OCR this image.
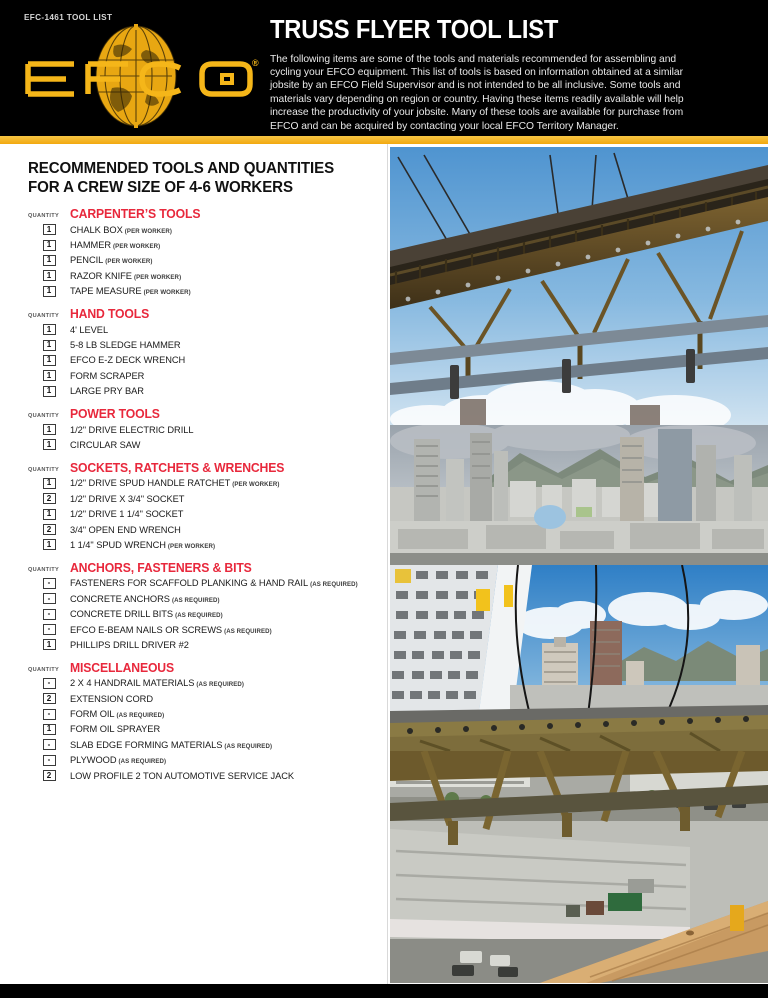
EFC-1461 TOOL LIST
®
TRUSS FLYER TOOL LIST

The following items are some of the tools and materials recommended for assembling and cycling your EFCO equipment. This list of tools is based on information obtained at a similar jobsite by an EFCO Field Supervisor and is not intended to be all inclusive. Some tools and materials vary depending on region or country. Having these items readily available will help increase the productivity of your jobsite. Many of these tools are available for purchase from EFCO and can be acquired by contacting your local EFCO Territory Manager.

RECOMMENDED TOOLS AND QUANTITIES
FOR A CREW SIZE OF 4-6 WORKERS
QUANTITY CARPENTER’S TOOLS
1	CHALK BOX (PER WORKER)
1	HAMMER (PER WORKER)
1	PENCIL (PER WORKER)
1	RAZOR KNIFE (PER WORKER)
1	TAPE MEASURE (PER WORKER)
QUANTITY HAND TOOLS
1	4' LEVEL
1	5-8 LB SLEDGE HAMMER
1	EFCO E-Z DECK WRENCH
1	FORM SCRAPER
1	LARGE PRY BAR
QUANTITY POWER TOOLS
1	1/2" DRIVE ELECTRIC DRILL
1	CIRCULAR SAW
QUANTITY SOCKETS, RATCHETS & WRENCHES
1	1/2" DRIVE SPUD HANDLE RATCHET (PER WORKER)
2	1/2" DRIVE X 3/4" SOCKET
1	1/2" DRIVE 1 1/4" SOCKET
2	3/4" OPEN END WRENCH
1	1 1/4" SPUD WRENCH (PER WORKER)
QUANTITY ANCHORS, FASTENERS & BITS
-	FASTENERS FOR SCAFFOLD PLANKING & HAND RAIL (AS REQUIRED)
-	CONCRETE ANCHORS (AS REQUIRED)
-	CONCRETE DRILL BITS (AS REQUIRED)
-	EFCO E-BEAM NAILS OR SCREWS (AS REQUIRED)
1	PHILLIPS DRILL DRIVER #2
QUANTITY MISCELLANEOUS
-	2 X 4 HANDRAIL MATERIALS (AS REQUIRED)
2	EXTENSION CORD
-	FORM OIL (AS REQUIRED)
1	FORM OIL SPRAYER
-	SLAB EDGE FORMING MATERIALS (AS REQUIRED)
-	PLYWOOD (AS REQUIRED)
2	LOW PROFILE 2 TON AUTOMOTIVE SERVICE JACK
